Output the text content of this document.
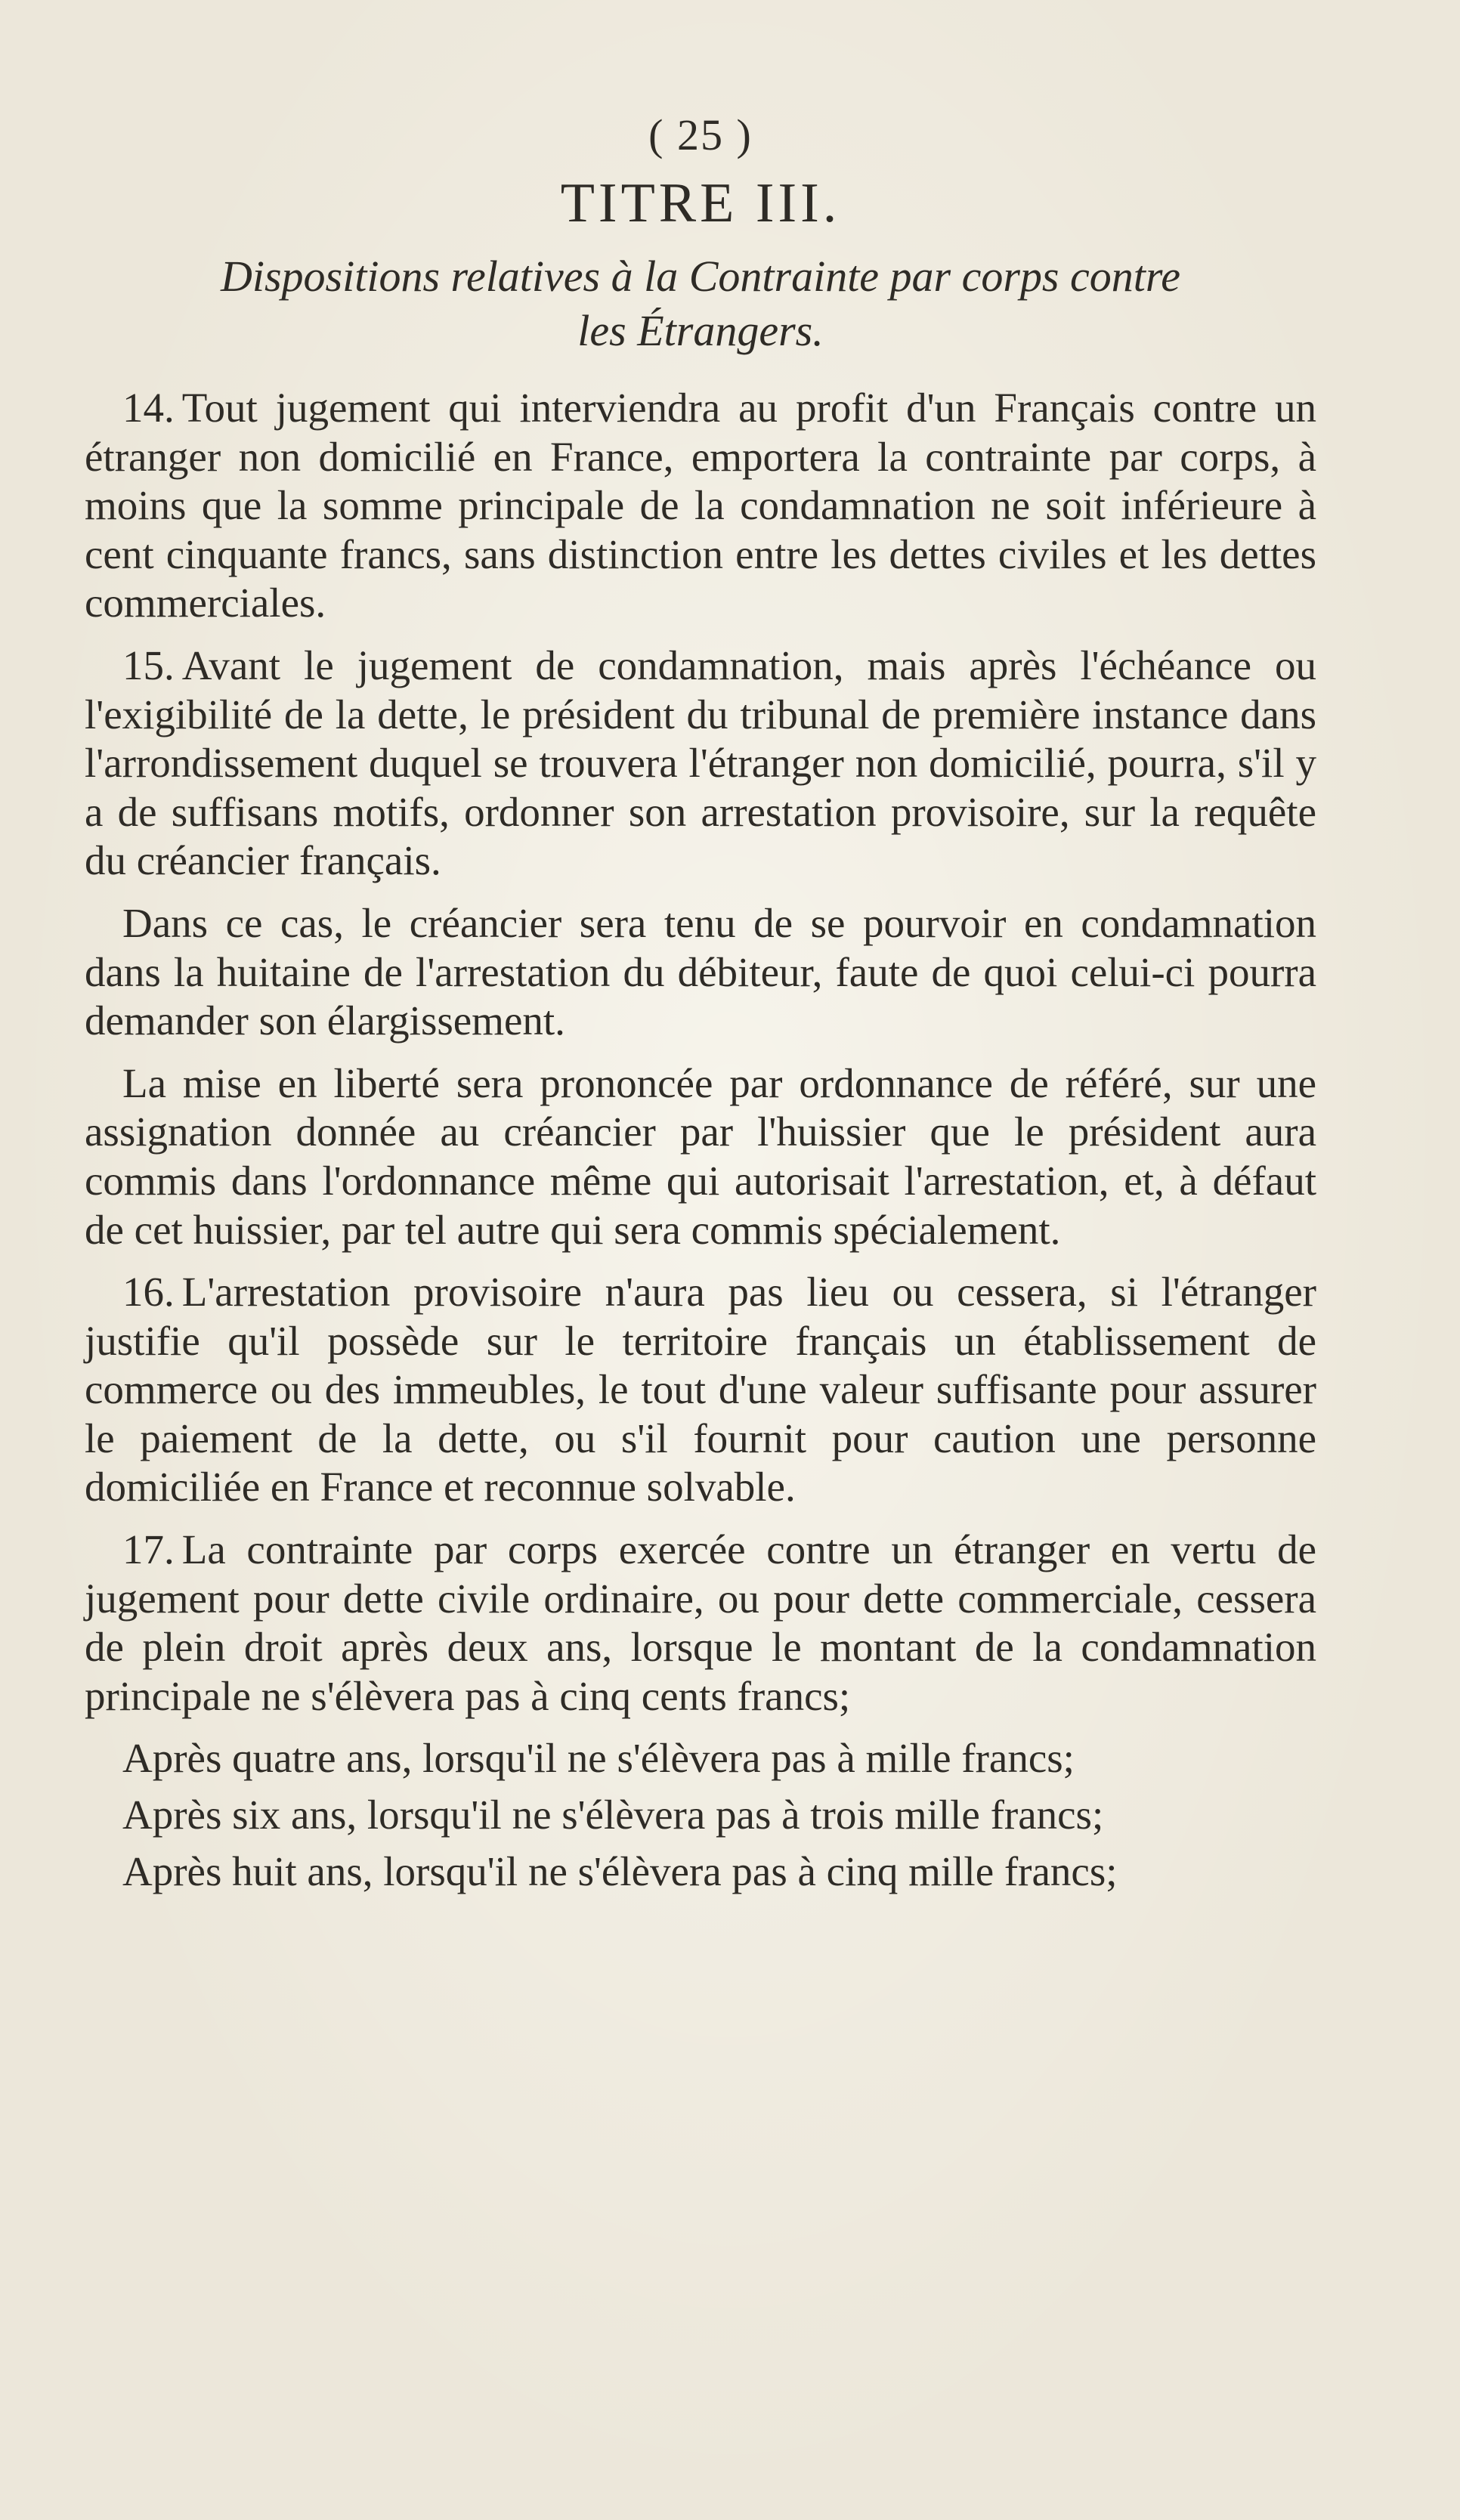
( 25 )
TITRE III.
Dispositions relatives à la Contrainte par corps contre
les Étrangers.

14. Tout jugement qui interviendra au profit d'un Français contre un étranger non domicilié en France, emportera la contrainte par corps, à moins que la somme principale de la condamnation ne soit inférieure à cent cinquante francs, sans distinction entre les dettes civiles et les dettes commerciales.

15. Avant le jugement de condamnation, mais après l'échéance ou l'exigibilité de la dette, le président du tribunal de première instance dans l'arrondissement duquel se trouvera l'étranger non domicilié, pourra, s'il y a de suffisans motifs, ordonner son arrestation provisoire, sur la requête du créancier français.

Dans ce cas, le créancier sera tenu de se pourvoir en condamnation dans la huitaine de l'arrestation du débiteur, faute de quoi celui-ci pourra demander son élargissement.

La mise en liberté sera prononcée par ordonnance de référé, sur une assignation donnée au créancier par l'huissier que le président aura commis dans l'ordonnance même qui autorisait l'arrestation, et, à défaut de cet huissier, par tel autre qui sera commis spécialement.

16. L'arrestation provisoire n'aura pas lieu ou cessera, si l'étranger justifie qu'il possède sur le territoire français un établissement de commerce ou des immeubles, le tout d'une valeur suffisante pour assurer le paiement de la dette, ou s'il fournit pour caution une personne domiciliée en France et reconnue solvable.

17. La contrainte par corps exercée contre un étranger en vertu de jugement pour dette civile ordinaire, ou pour dette commerciale, cessera de plein droit après deux ans, lorsque le montant de la condamnation principale ne s'élèvera pas à cinq cents francs;

Après quatre ans, lorsqu'il ne s'élèvera pas à mille francs;

Après six ans, lorsqu'il ne s'élèvera pas à trois mille francs;

Après huit ans, lorsqu'il ne s'élèvera pas à cinq mille francs;
